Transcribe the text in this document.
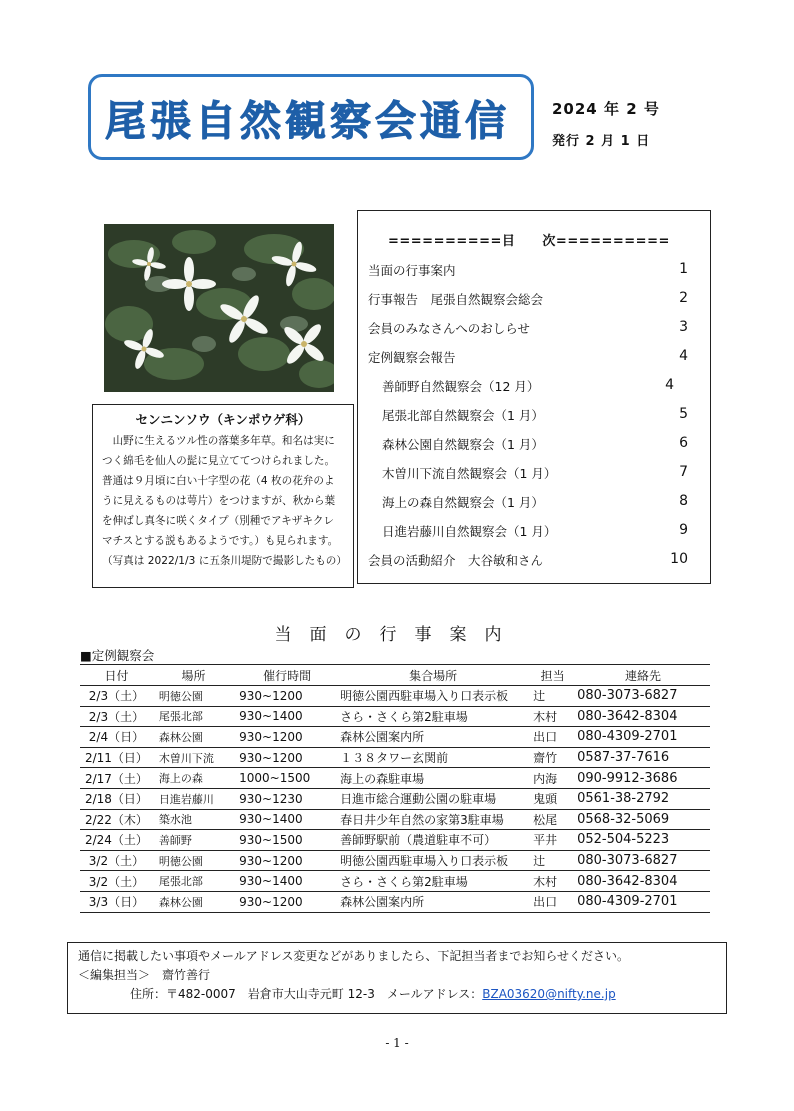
尾張自然観察会通信	2024 年 2 号
発行 2 月 1 日
センニンソウ（キンポウゲ科）
山野に生えるツル性の落葉多年草。和名は実につく綿毛を仙人の髭に見立ててつけられました。普通は９月頃に白い十字型の花（4 枚の花弁のように見えるものは萼片）をつけますが、秋から葉を伸ばし真冬に咲くタイプ（別種でアキザキクレマチスとする説もあるようです。）も見られます。（写真は 2022/1/3 に五条川堤防で撮影したもの）
==========目　　次==========
当面の行事案内	1
行事報告　尾張自然観察会総会	2
会員のみなさんへのおしらせ	3
定例観察会報告	4
善師野自然観察会（12 月）	4
尾張北部自然観察会（1 月）	5
森林公園自然観察会（1 月）	6
木曽川下流自然観察会（1 月）	7
海上の森自然観察会（1 月）	8
日進岩藤川自然観察会（1 月）	9
会員の活動紹介　大谷敏和さん	10
当面の行事案内
■定例観察会
日付	場所	催行時間	集合場所	担当	連絡先
2/3（土）	明徳公園	930~1200	明徳公園西駐車場入り口表示板	辻	080-3073-6827
2/3（土）	尾張北部	930~1400	さら・さくら第2駐車場	木村	080-3642-8304
2/4（日）	森林公園	930~1200	森林公園案内所	出口	080-4309-2701
2/11（日）	木曽川下流	930~1200	１３８タワー玄関前	齋竹	0587-37-7616
2/17（土）	海上の森	1000~1500	海上の森駐車場	内海	090-9912-3686
2/18（日）	日進岩藤川	930~1230	日進市総合運動公園の駐車場	鬼頭	0561-38-2792
2/22（木）	築水池	930~1400	春日井少年自然の家第3駐車場	松尾	0568-32-5069
2/24（土）	善師野	930~1500	善師野駅前（農道駐車不可）	平井	052-504-5223
3/2（土）	明徳公園	930~1200	明徳公園西駐車場入り口表示板	辻	080-3073-6827
3/2（土）	尾張北部	930~1400	さら・さくら第2駐車場	木村	080-3642-8304
3/3（日）	森林公園	930~1200	森林公園案内所	出口	080-4309-2701
通信に掲載したい事項やメールアドレス変更などがありましたら、下記担当者までお知らせください。
＜編集担当＞　齋竹善行
住所：〒482-0007　岩倉市大山寺元町 12-3　メールアドレス：BZA03620@nifty.ne.jp
- 1 -
